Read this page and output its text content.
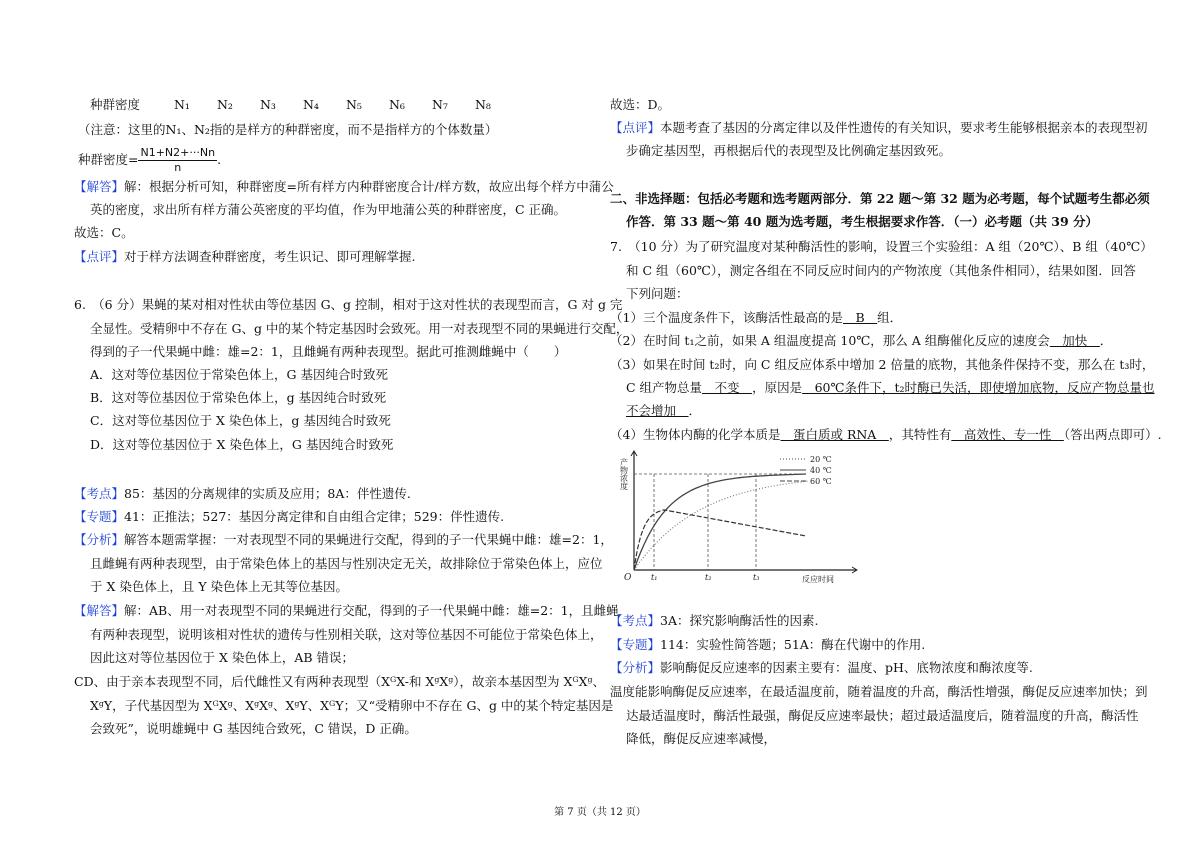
种群密度	N₁ N₂ N₃ N₄ N₅ N₆ N₇ N₈
（注意：这里的N₁、N₂指的是样方的种群密度，而不是指样方的个体数量）
种群密度= $\frac{N1+N2+\cdot\cdot\cdot Nn}{n}$ .
【解答】解：根据分析可知，种群密度=所有样方内种群密度合计/样方数，故应出每个样方中蒲公
英的密度，求出所有样方蒲公英密度的平均值，作为甲地蒲公英的种群密度，C 正确。
故选：C。
【点评】对于样方法调查种群密度，考生识记、即可理解掌握.
6.　（6 分）果蝇的某对相对性状由等位基因 G、g 控制，相对于这对性状的表现型而言，G 对 g 完
全显性。受精卵中不存在 G、g 中的某个特定基因时会致死。用一对表现型不同的果蝇进行交配，
得到的子一代果蝇中雌：雄=2：1，且雌蝇有两种表现型。据此可推测雌蝇中（　　）
A．这对等位基因位于常染色体上，G 基因纯合时致死
B．这对等位基因位于常染色体上，g 基因纯合时致死
C．这对等位基因位于 X 染色体上，g 基因纯合时致死
D．这对等位基因位于 X 染色体上，G 基因纯合时致死
【考点】85：基因的分离规律的实质及应用；8A：伴性遗传.
【专题】41：正推法；527：基因分离定律和自由组合定律；529：伴性遗传.
【分析】解答本题需掌握：一对表现型不同的果蝇进行交配，得到的子一代果蝇中雌：雄=2：1，
且雌蝇有两种表现型，由于常染色体上的基因与性别决定无关，故排除位于常染色体上，应位
于 X 染色体上，且 Y 染色体上无其等位基因。
【解答】解：AB、用一对表现型不同的果蝇进行交配，得到的子一代果蝇中雌：雄=2：1，且雌蝇
有两种表现型，说明该相对性状的遗传与性别相关联，这对等位基因不可能位于常染色体上，
因此这对等位基因位于 X 染色体上，AB 错误；
CD、由于亲本表现型不同，后代雌性又有两种表现型（XᴳX-和 XᵍXᵍ），故亲本基因型为 XᴳXᵍ、
XᵍY，子代基因型为 XᴳXᵍ、XᵍXᵍ、XᵍY、XᴳY；又“受精卵中不存在 G、g 中的某个特定基因是
会致死”，说明雄蝇中 G 基因纯合致死，C 错误，D 正确。
故选：D。
【点评】本题考查了基因的分离定律以及伴性遗传的有关知识，要求考生能够根据亲本的表现型初
步确定基因型，再根据后代的表现型及比例确定基因致死。
二、非选择题：包括必考题和选考题两部分．第 22 题～第 32 题为必考题，每个试题考生都必须
作答．第 33 题～第 40 题为选考题，考生根据要求作答．（一）必考题（共 39 分）
7.　（10 分）为了研究温度对某种酶活性的影响，设置三个实验组：A 组（20℃）、B 组（40℃）
和 C 组（60℃），测定各组在不同反应时间内的产物浓度（其他条件相同），结果如图．回答
下列问题：
（1）三个温度条件下，该酶活性最高的是　B　组．
（2）在时间 t₁之前，如果 A 组温度提高 10℃，那么 A 组酶催化反应的速度会　加快　．
（3）如果在时间 t₂时，向 C 组反应体系中增加 2 倍量的底物，其他条件保持不变，那么在 t₃时，
C 组产物总量　不变　，原因是　60℃条件下，t₂时酶已失活，即使增加底物，反应产物总量也
不会增加　．
（4）生物体内酶的化学本质是　蛋白质或 RNA　，其特性有　高效性、专一性　（答出两点即可）.
20 ℃
40 ℃
60 ℃
产物浓度
O t₁	t₂	t₃	反应时间
【考点】3A：探究影响酶活性的因素.
【专题】114：实验性简答题；51A：酶在代谢中的作用.
【分析】影响酶促反应速率的因素主要有：温度、pH、底物浓度和酶浓度等.
温度能影响酶促反应速率，在最适温度前，随着温度的升高，酶活性增强，酶促反应速率加快；到
达最适温度时，酶活性最强，酶促反应速率最快；超过最适温度后，随着温度的升高，酶活性
降低，酶促反应速率减慢，
第 7 页（共 12 页）
